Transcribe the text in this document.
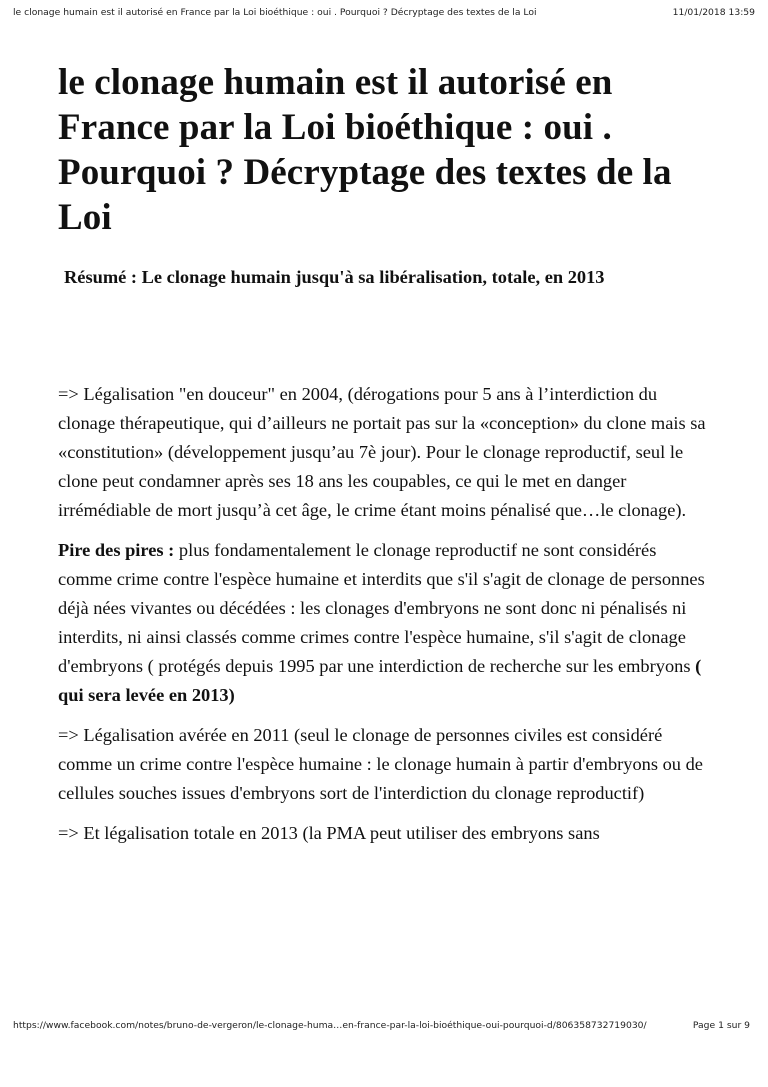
le clonage humain est il autorisé en France par la Loi bioéthique : oui . Pourquoi ? Décryptage des textes de la Loi	11/01/2018 13:59
le clonage humain est il autorisé en France par la Loi bioéthique : oui . Pourquoi ? Décryptage des textes de la Loi

Résumé : Le clonage humain jusqu'à sa libéralisation, totale, en 2013

=> Légalisation "en douceur" en 2004, (dérogations pour 5 ans à l’interdiction du clonage thérapeutique, qui d’ailleurs ne portait pas sur la «conception» du clone mais sa «constitution» (développement jusqu’au 7è jour). Pour le clonage reproductif, seul le clone peut condamner après ses 18 ans les coupables, ce qui le met en danger irrémédiable de mort jusqu’à cet âge, le crime étant moins pénalisé que…le clonage).

Pire des pires : plus fondamentalement le clonage reproductif ne sont considérés comme crime contre l'espèce humaine et interdits que s'il s'agit de clonage de personnes déjà nées vivantes ou décédées : les clonages d'embryons ne sont donc ni pénalisés ni interdits, ni ainsi classés comme crimes contre l'espèce humaine, s'il s'agit de clonage d'embryons ( protégés depuis 1995 par une interdiction de recherche sur les embryons ( qui sera levée en 2013)

=> Légalisation avérée en 2011 (seul le clonage de personnes civiles est considéré comme un crime contre l'espèce humaine : le clonage humain à partir d'embryons ou de cellules souches issues d'embryons sort de l'interdiction du clonage reproductif)

=> Et légalisation totale en 2013 (la PMA peut utiliser des embryons sans

https://www.facebook.com/notes/bruno-de-vergeron/le-clonage-huma…en-france-par-la-loi-bioéthique-oui-pourquoi-d/806358732719030/	Page 1 sur 9
